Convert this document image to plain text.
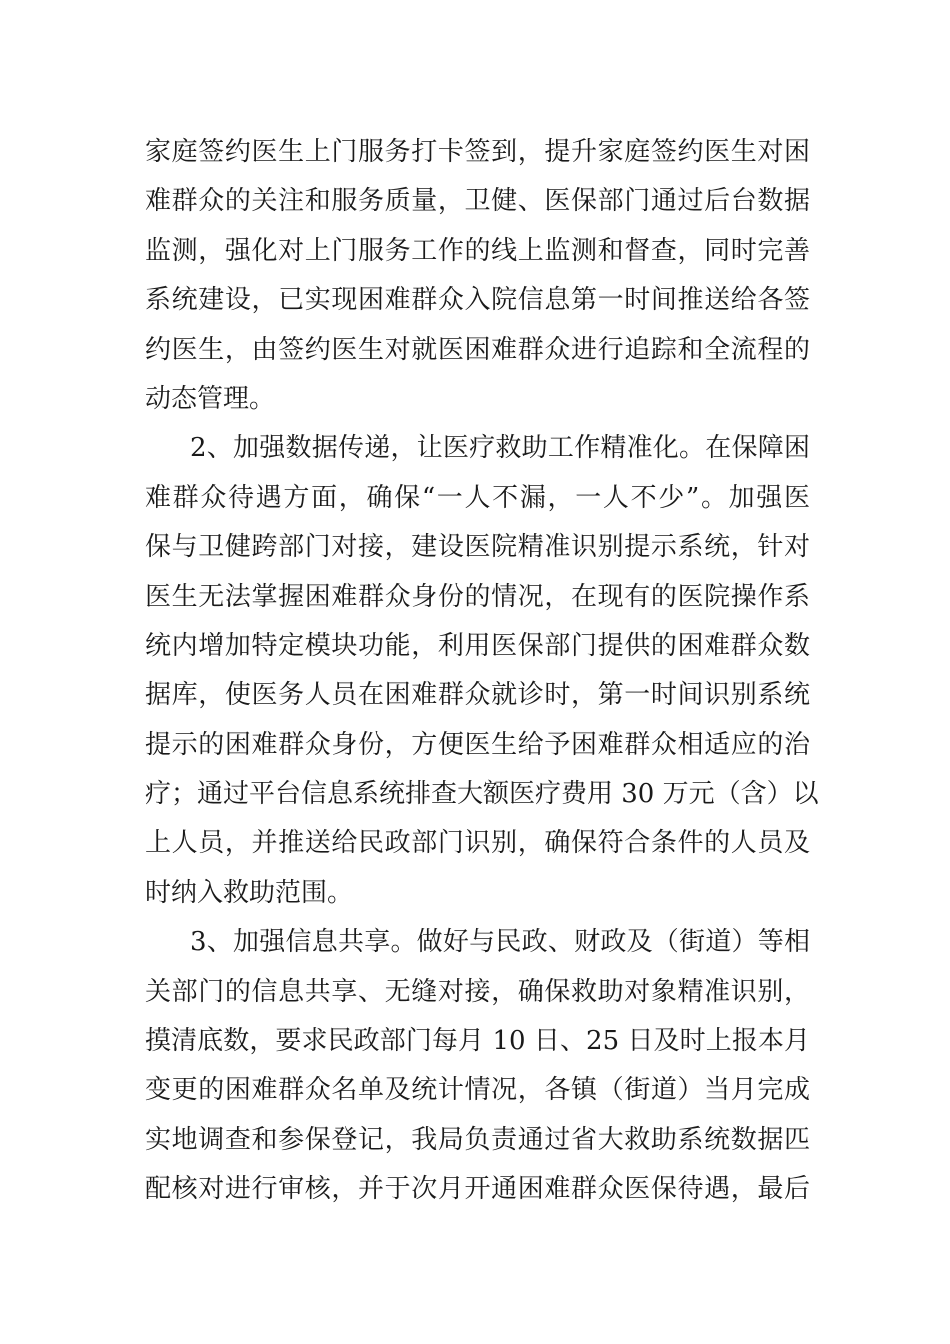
家庭签约医生上门服务打卡签到，提升家庭签约医生对困
难群众的关注和服务质量，卫健、医保部门通过后台数据
监测，强化对上门服务工作的线上监测和督查，同时完善
系统建设，已实现困难群众入院信息第一时间推送给各签
约医生，由签约医生对就医困难群众进行追踪和全流程的
动态管理。
2、加强数据传递，让医疗救助工作精准化。在保障困
难群众待遇方面，确保“一人不漏，一人不少”。加强医
保与卫健跨部门对接，建设医院精准识别提示系统，针对
医生无法掌握困难群众身份的情况，在现有的医院操作系
统内增加特定模块功能，利用医保部门提供的困难群众数
据库，使医务人员在困难群众就诊时，第一时间识别系统
提示的困难群众身份，方便医生给予困难群众相适应的治
疗；通过平台信息系统排查大额医疗费用 30 万元（含）以
上人员，并推送给民政部门识别，确保符合条件的人员及
时纳入救助范围。
3、加强信息共享。做好与民政、财政及（街道）等相
关部门的信息共享、无缝对接，确保救助对象精准识别，
摸清底数，要求民政部门每月 10 日、25 日及时上报本月
变更的困难群众名单及统计情况，各镇（街道）当月完成
实地调查和参保登记，我局负责通过省大救助系统数据匹
配核对进行审核，并于次月开通困难群众医保待遇，最后
